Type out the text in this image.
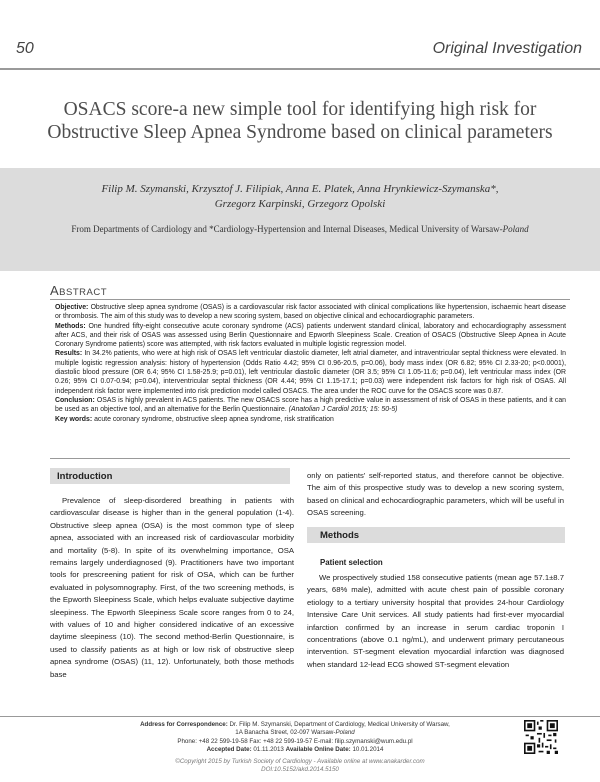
50	Original Investigation
OSACS score-a new simple tool for identifying high risk for Obstructive Sleep Apnea Syndrome based on clinical parameters
Filip M. Szymanski, Krzysztof J. Filipiak, Anna E. Platek, Anna Hrynkiewicz-Szymanska*,
Grzegorz Karpinski, Grzegorz Opolski
From Departments of Cardiology and *Cardiology-Hypertension and Internal Diseases, Medical University of Warsaw-Poland
ABSTRACT

Objective: Obstructive sleep apnea syndrome (OSAS) is a cardiovascular risk factor associated with clinical complications like hypertension, ischaemic heart disease or thrombosis. The aim of this study was to develop a new scoring system, based on objective clinical and echocardiographic parameters.

Methods: One hundred fifty-eight consecutive acute coronary syndrome (ACS) patients underwent standard clinical, laboratory and echocardiography assessment after ACS, and their risk of OSAS was assessed using Berlin Questionnaire and Epworth Sleepiness Scale. Creation of OSACS (Obstructive Sleep Apnea in Acute Coronary Syndrome patients) score was attempted, with risk factors evaluated in multiple logistic regression model.

Results: In 34.2% patients, who were at high risk of OSAS left ventricular diastolic diameter, left atrial diameter, and intraventricular septal thickness were elevated. In multiple logistic regression analysis: history of hypertension (Odds Ratio 4.42; 95% CI 0.96-20.5, p=0.06), body mass index (OR 6.82; 95% CI 2.33-20; p<0.0001), diastolic blood pressure (OR 6.4; 95% CI 1.58-25.9; p=0.01), left ventricular diastolic diameter (OR 3.5; 95% CI 1.05-11.6; p=0.04), left ventricular mass index (OR 0.26; 95% CI 0.07-0.94; p=0.04), interventricular septal thickness (OR 4.44; 95% CI 1.15-17.1; p=0.03) were independent risk factors for high risk of OSAS. All independent risk factor were implemented into risk prediction model called OSACS. The area under the ROC curve for the OSACS score was 0.87.

Conclusion: OSAS is highly prevalent in ACS patients. The new OSACS score has a high predictive value in assessment of risk of OSAS in these patients, and it can be used as an objective tool, and an alternative for the Berlin Questionnaire. (Anatolian J Cardiol 2015; 15: 50-5)

Key words: acute coronary syndrome, obstructive sleep apnea syndrome, risk stratification

Introduction

Prevalence of sleep-disordered breathing in patients with cardiovascular disease is higher than in the general population (1-4). Obstructive sleep apnea (OSA) is the most common type of sleep apnea, associated with an increased risk of cardiovascular morbidity and mortality (5-8). In spite of its overwhelming importance, OSA remains largely underdiagnosed (9). Practitioners have two important tools for prescreening patient for risk of OSA, which can be further evaluated in polysomnography. First, of the two screening methods, is the Epworth Sleepiness Scale, which helps evaluate subjective daytime sleepiness. The Epworth Sleepiness Scale score ranges from 0 to 24, with values of 10 and higher considered indicative of an excessive daytime sleepiness (10). The second method-Berlin Questionnaire, is used to classify patients as at high or low risk of obstructive sleep apnea syndrome (OSAS) (11, 12). Unfortunately, both those methods base

only on patients’ self-reported status, and therefore cannot be objective. The aim of this prospective study was to develop a new scoring system, based on clinical and echocardiographic parameters, which will be useful in OSAS screening.

Methods
Patient selection

We prospectively studied 158 consecutive patients (mean age 57.1±8.7 years, 68% male), admitted with acute chest pain of possible coronary etiology to a tertiary university hospital that provides 24-hour Cardiology Intensive Care Unit services. All study patients had first-ever myocardial infarction confirmed by an increase in serum cardiac troponin I concentrations (above 0.1 ng/mL), and underwent primary percutaneous intervention. ST-segment elevation myocardial infarction was diagnosed when standard 12-lead ECG showed ST-segment elevation

Address for Correspondence: Dr. Filip M. Szymanski, Department of Cardiology, Medical University of Warsaw,

1A Banacha Street, 02-097 Warsaw-Poland

Phone: +48 22 599-19-58 Fax: +48 22 599-19-57 E-mail: filip.szymanski@wum.edu.pl

Accepted Date: 01.11.2013 Available Online Date: 10.01.2014

©Copyright 2015 by Turkish Society of Cardiology - Available online at www.anakarder.com
DOI:10.5152/akd.2014.5150
